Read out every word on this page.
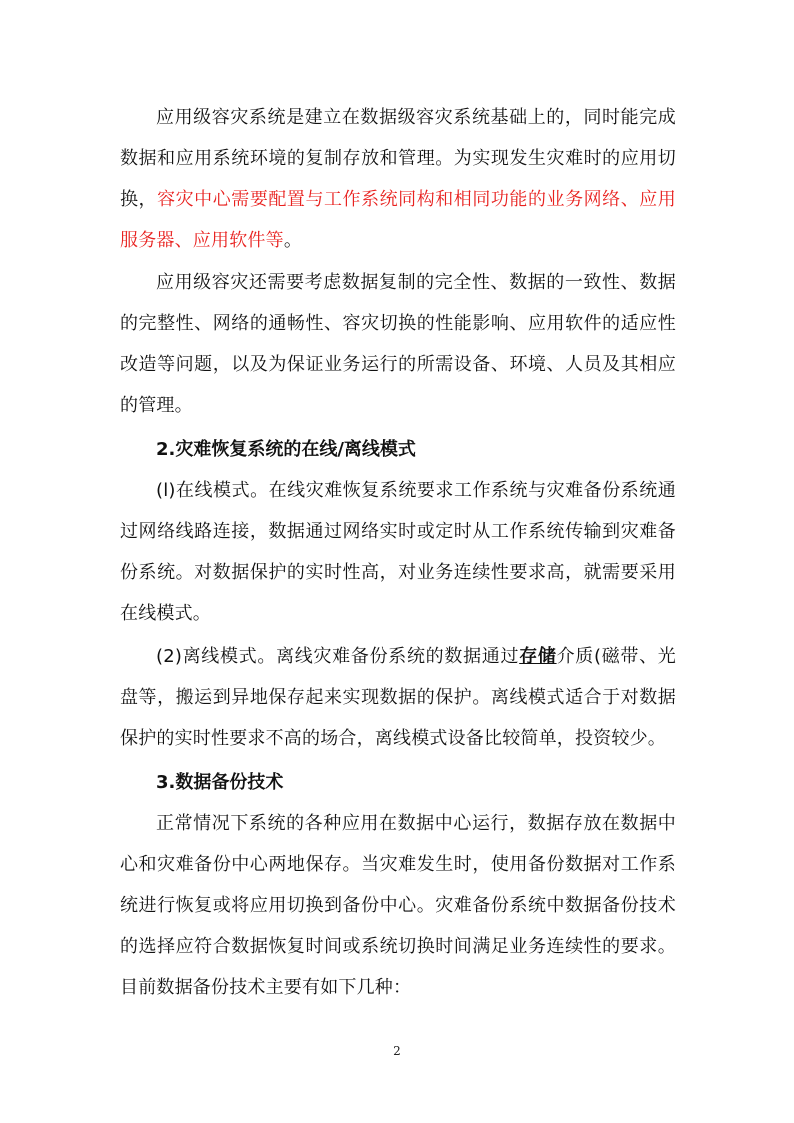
应用级容灾系统是建立在数据级容灾系统基础上的，同时能完成数据和应用系统环境的复制存放和管理。为实现发生灾难时的应用切换，容灾中心需要配置与工作系统同构和相同功能的业务网络、应用服务器、应用软件等。

应用级容灾还需要考虑数据复制的完全性、数据的一致性、数据的完整性、网络的通畅性、容灾切换的性能影响、应用软件的适应性改造等问题，以及为保证业务运行的所需设备、环境、人员及其相应的管理。

2.灾难恢复系统的在线/离线模式

(l)在线模式。在线灾难恢复系统要求工作系统与灾难备份系统通过网络线路连接，数据通过网络实时或定时从工作系统传输到灾难备份系统。对数据保护的实时性高，对业务连续性要求高，就需要采用在线模式。

(2)离线模式。离线灾难备份系统的数据通过存储介质(磁带、光盘等，搬运到异地保存起来实现数据的保护。离线模式适合于对数据保护的实时性要求不高的场合，离线模式设备比较简单，投资较少。

3.数据备份技术

正常情况下系统的各种应用在数据中心运行，数据存放在数据中心和灾难备份中心两地保存。当灾难发生时，使用备份数据对工作系统进行恢复或将应用切换到备份中心。灾难备份系统中数据备份技术的选择应符合数据恢复时间或系统切换时间满足业务连续性的要求。目前数据备份技术主要有如下几种：

2
